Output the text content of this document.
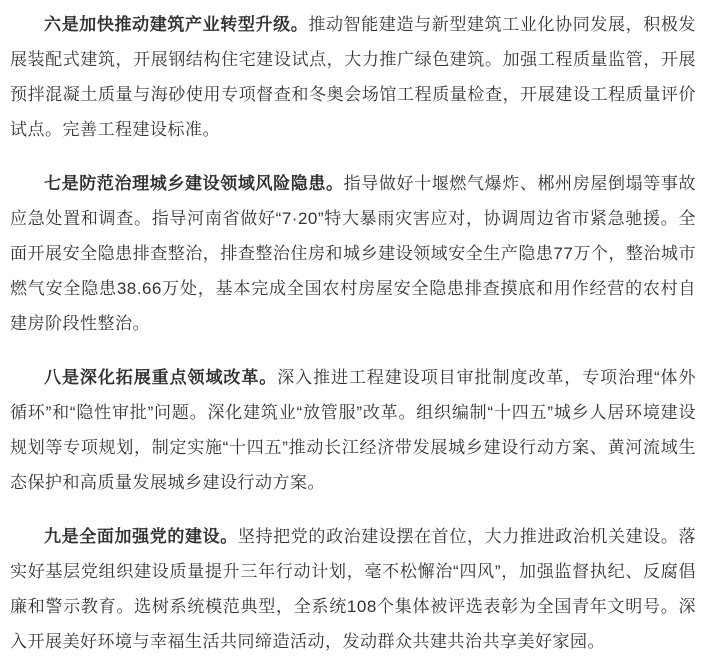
六是加快推动建筑产业转型升级。推动智能建造与新型建筑工业化协同发展，积极发展装配式建筑，开展钢结构住宅建设试点，大力推广绿色建筑。加强工程质量监管，开展预拌混凝土质量与海砂使用专项督查和冬奥会场馆工程质量检查，开展建设工程质量评价试点。完善工程建设标准。

七是防范治理城乡建设领域风险隐患。指导做好十堰燃气爆炸、郴州房屋倒塌等事故应急处置和调查。指导河南省做好“7·20”特大暴雨灾害应对，协调周边省市紧急驰援。全面开展安全隐患排查整治，排查整治住房和城乡建设领域安全生产隐患77万个，整治城市燃气安全隐患38.66万处，基本完成全国农村房屋安全隐患排查摸底和用作经营的农村自建房阶段性整治。

八是深化拓展重点领域改革。深入推进工程建设项目审批制度改革，专项治理“体外循环”和“隐性审批”问题。深化建筑业“放管服”改革。组织编制“十四五”城乡人居环境建设规划等专项规划，制定实施“十四五”推动长江经济带发展城乡建设行动方案、黄河流域生态保护和高质量发展城乡建设行动方案。

九是全面加强党的建设。坚持把党的政治建设摆在首位，大力推进政治机关建设。落实好基层党组织建设质量提升三年行动计划，毫不松懈治“四风”，加强监督执纪、反腐倡廉和警示教育。选树系统模范典型，全系统108个集体被评选表彰为全国青年文明号。深入开展美好环境与幸福生活共同缔造活动，发动群众共建共治共享美好家园。
